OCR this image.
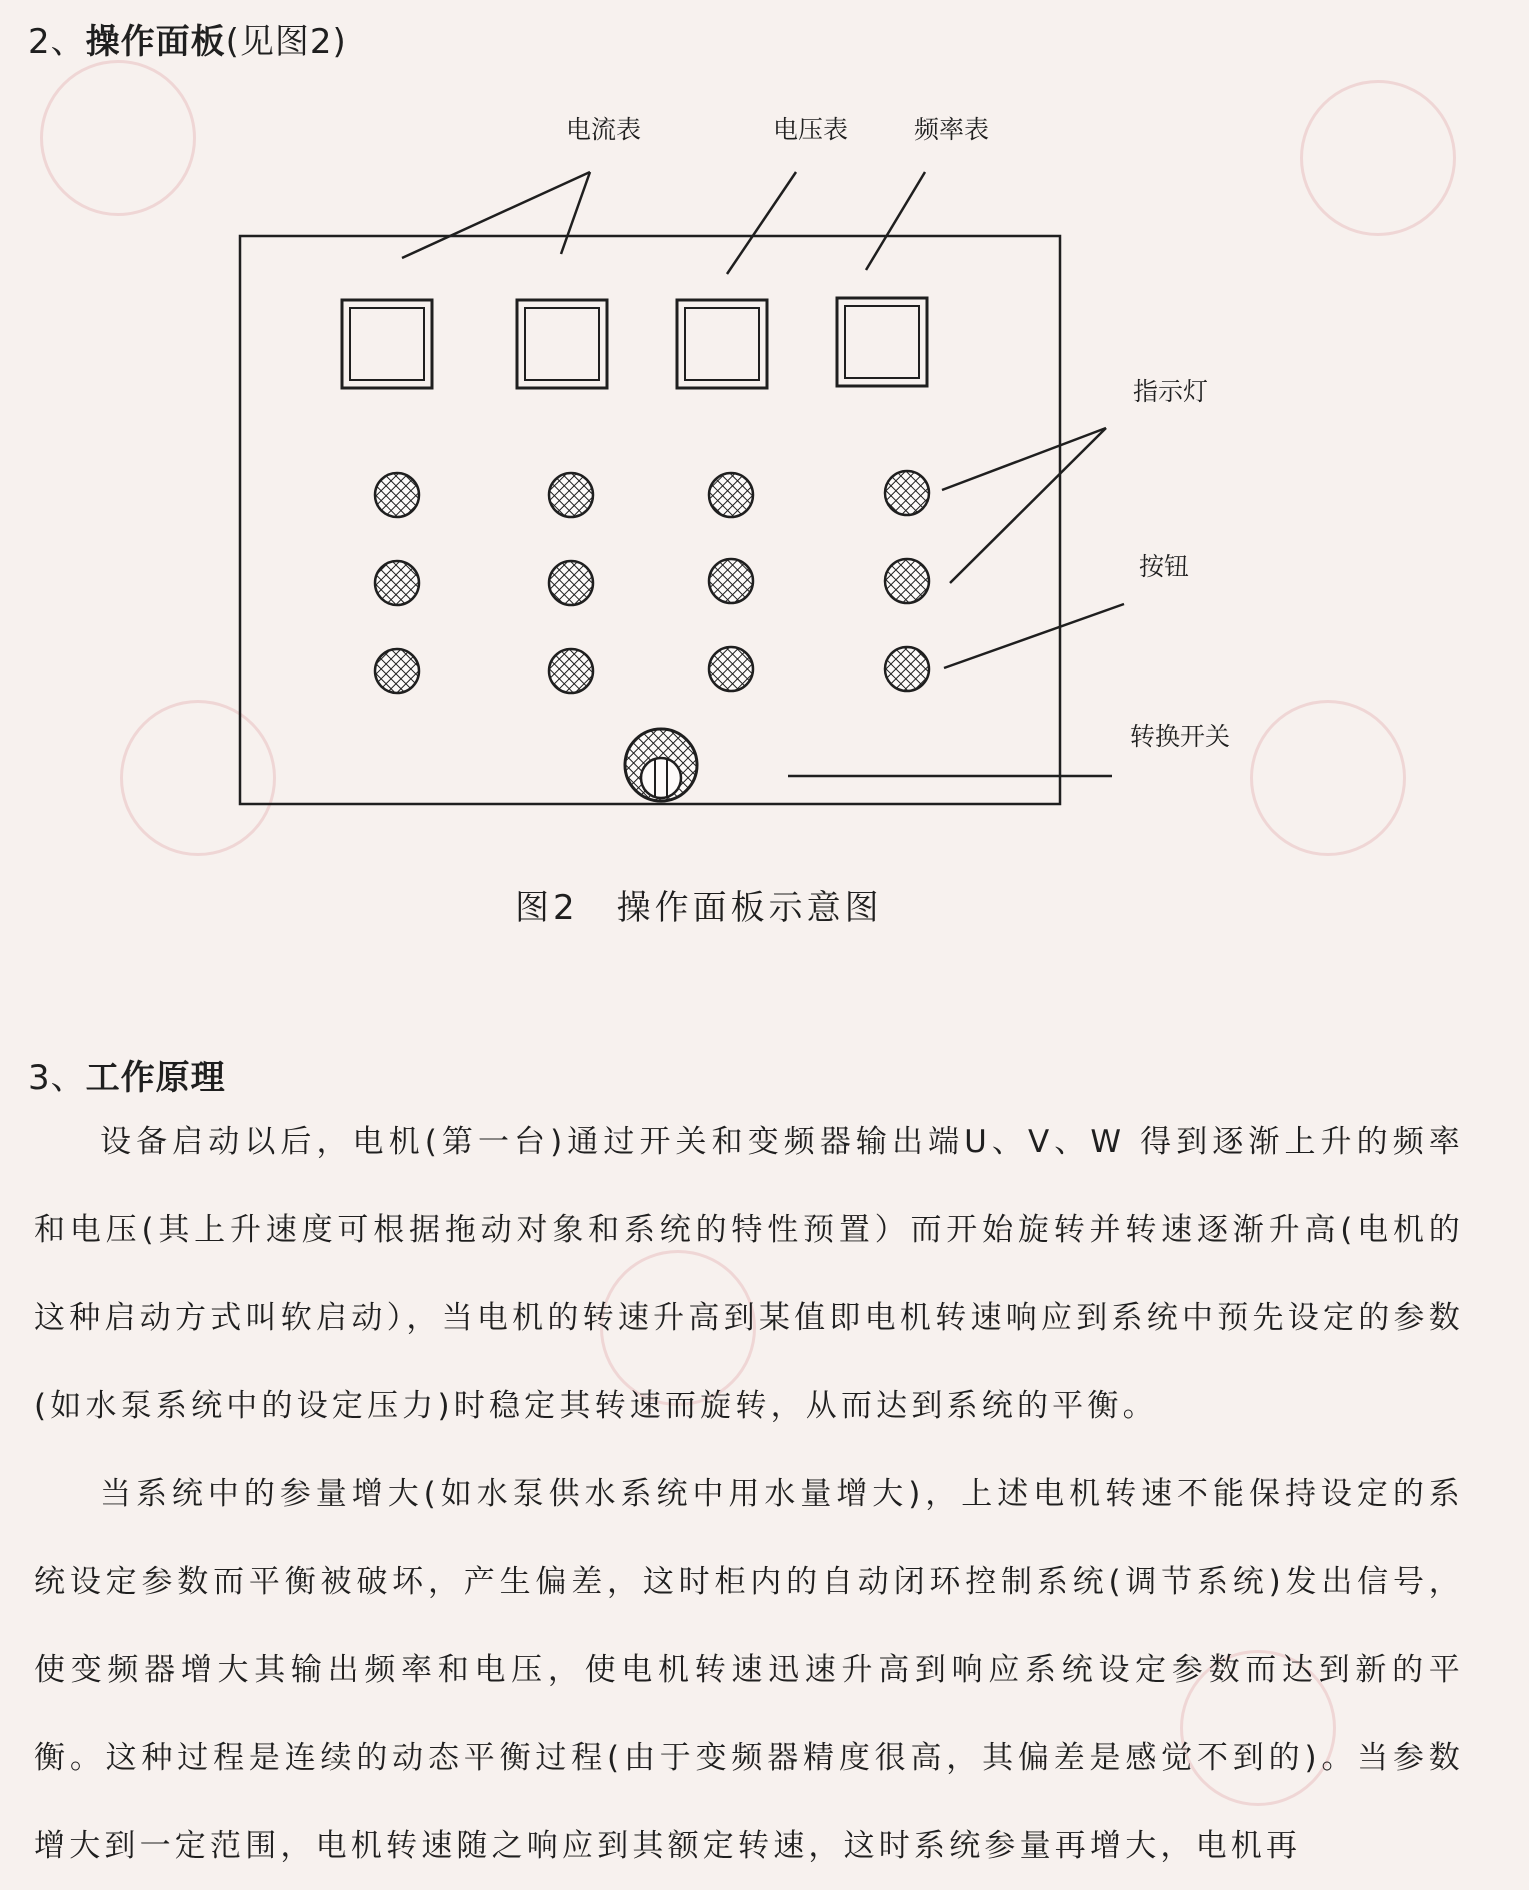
2、操作面板(见图2)
电流表	电压表	频率表
指示灯
按钮
转换开关
图2　操作面板示意图
3、工作原理

设备启动以后，电机(第一台)通过开关和变频器输出端U、V、W 得到逐渐上升的频率和电压(其上升速度可根据拖动对象和系统的特性预置）而开始旋转并转速逐渐升高(电机的这种启动方式叫软启动），当电机的转速升高到某值即电机转速响应到系统中预先设定的参数(如水泵系统中的设定压力)时稳定其转速而旋转，从而达到系统的平衡。

当系统中的参量增大(如水泵供水系统中用水量增大)，上述电机转速不能保持设定的系统设定参数而平衡被破坏，产生偏差，这时柜内的自动闭环控制系统(调节系统)发出信号，使变频器增大其输出频率和电压，使电机转速迅速升高到响应系统设定参数而达到新的平衡。这种过程是连续的动态平衡过程(由于变频器精度很高，其偏差是感觉不到的)。当参数增大到一定范围，电机转速随之响应到其额定转速，这时系统参量再增大，电机再
